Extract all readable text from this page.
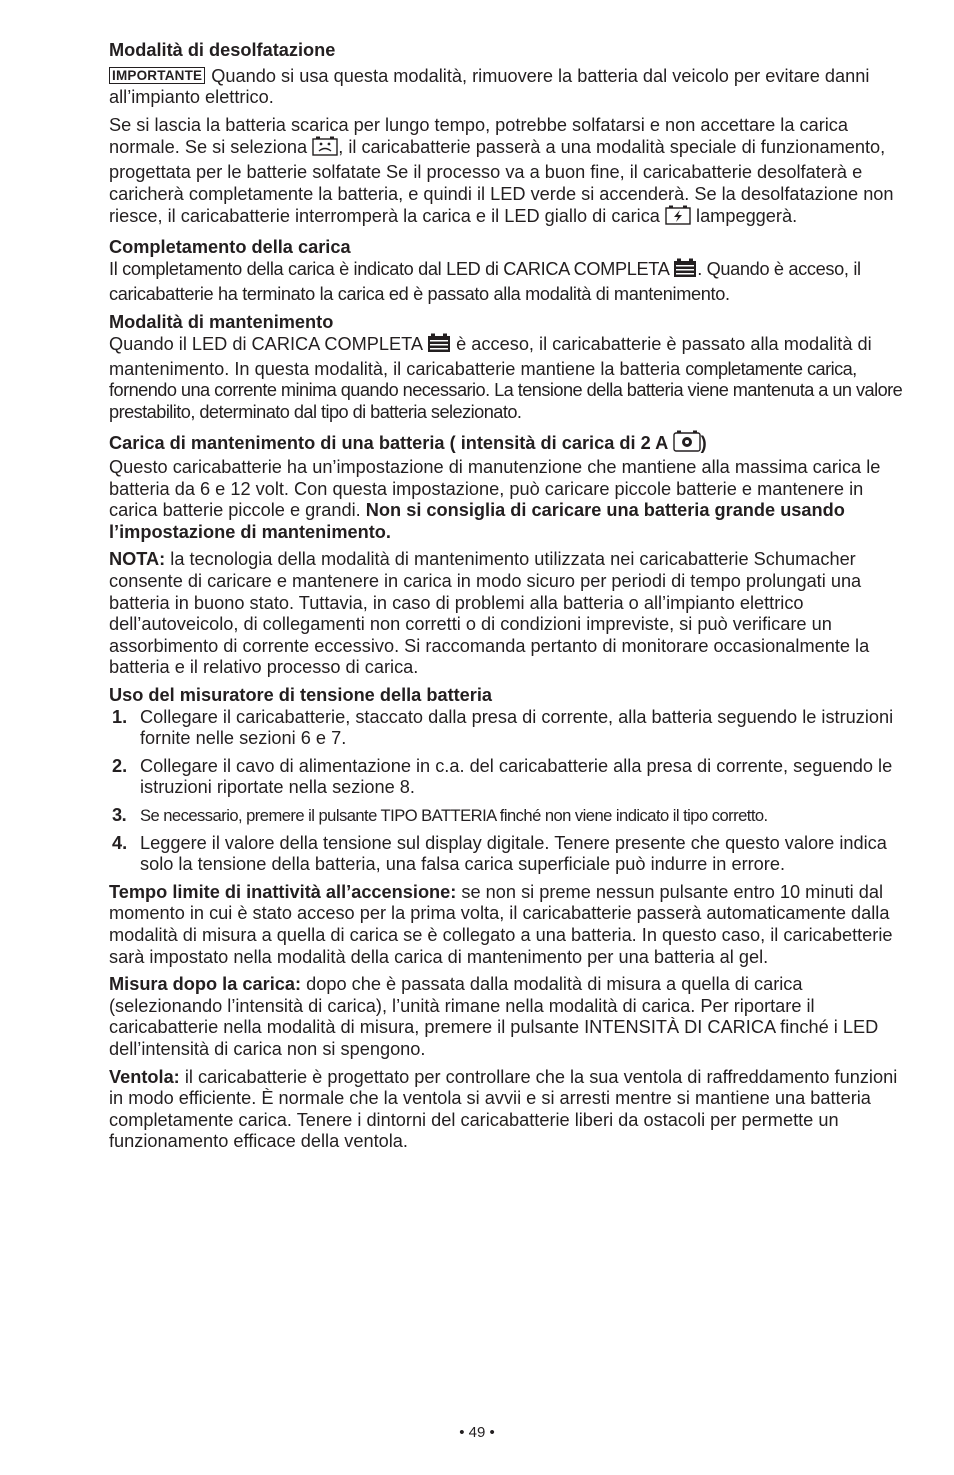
Modalità di desolfatazione

IMPORTANTE Quando si usa questa modalità, rimuovere la batteria dal veicolo per evitare danni all’impianto elettrico.

Se si lascia la batteria scarica per lungo tempo, potrebbe solfatarsi e non accettare la carica normale. Se si seleziona , il caricabatterie passerà a una modalità speciale di funzionamento, progettata per le batterie solfatate Se il processo va a buon fine, il caricabatterie desolfaterà e caricherà completamente la batteria, e quindi il LED verde si accenderà. Se la desolfatazione non riesce, il caricabatterie interromperà la carica e il LED giallo di carica lampeggerà.

Completamento della carica

Il completamento della carica è indicato dal LED di CARICA COMPLETA . Quando è acceso, il caricabatterie ha terminato la carica ed è passato alla modalità di mantenimento.

Modalità di mantenimento

Quando il LED di CARICA COMPLETA è acceso, il caricabatterie è passato alla modalità di mantenimento. In questa modalità, il caricabatterie mantiene la batteria completamente carica, fornendo una corrente minima quando necessario. La tensione della batteria viene mantenuta a un valore prestabilito, determinato dal tipo di batteria selezionato.

Carica di mantenimento di una batteria ( intensità di carica di 2 A )

Questo caricabatterie ha un’impostazione di manutenzione che mantiene alla massima carica le batteria da 6 e 12 volt. Con questa impostazione, può caricare piccole batterie e mantenere in carica batterie piccole e grandi. Non si consiglia di caricare una batteria grande usando l’impostazione di mantenimento.

NOTA: la tecnologia della modalità di mantenimento utilizzata nei caricabatterie Schumacher consente di caricare e mantenere in carica in modo sicuro per periodi di tempo prolungati una batteria in buono stato. Tuttavia, in caso di problemi alla batteria o all’impianto elettrico dell’autoveicolo, di collegamenti non corretti o di condizioni impreviste, si può verificare un assorbimento di corrente eccessivo. Si raccomanda pertanto di monitorare occasionalmente la batteria e il relativo processo di carica.

Uso del misuratore di tensione della batteria

1. Collegare il caricabatterie, staccato dalla presa di corrente, alla batteria seguendo le istruzioni fornite nelle sezioni 6 e 7.
2. Collegare il cavo di alimentazione in c.a. del caricabatterie alla presa di corrente, seguendo le istruzioni riportate nella sezione 8.
3. Se necessario, premere il pulsante TIPO BATTERIA finché non viene indicato il tipo corretto.
4. Leggere il valore della tensione sul display digitale. Tenere presente che questo valore indica solo la tensione della batteria, una falsa carica superficiale può indurre in errore.

Tempo limite di inattività all’accensione: se non si preme nessun pulsante entro 10 minuti dal momento in cui è stato acceso per la prima volta, il caricabatterie passerà automaticamente dalla modalità di misura a quella di carica se è collegato a una batteria. In questo caso, il caricabetterie sarà impostato nella modalità della carica di mantenimento per una batteria al gel.

Misura dopo la carica: dopo che è passata dalla modalità di misura a quella di carica (selezionando l’intensità di carica), l’unità rimane nella modalità di carica. Per riportare il caricabatterie nella modalità di misura, premere il pulsante INTENSITÀ DI CARICA finché i LED dell’intensità di carica non si spengono.

Ventola: il caricabatterie è progettato per controllare che la sua ventola di raffreddamento funzioni in modo efficiente. È normale che la ventola si avvii e si arresti mentre si mantiene una batteria completamente carica. Tenere i dintorni del caricabatterie liberi da ostacoli per permette un funzionamento efficace della ventola.

• 49 •
